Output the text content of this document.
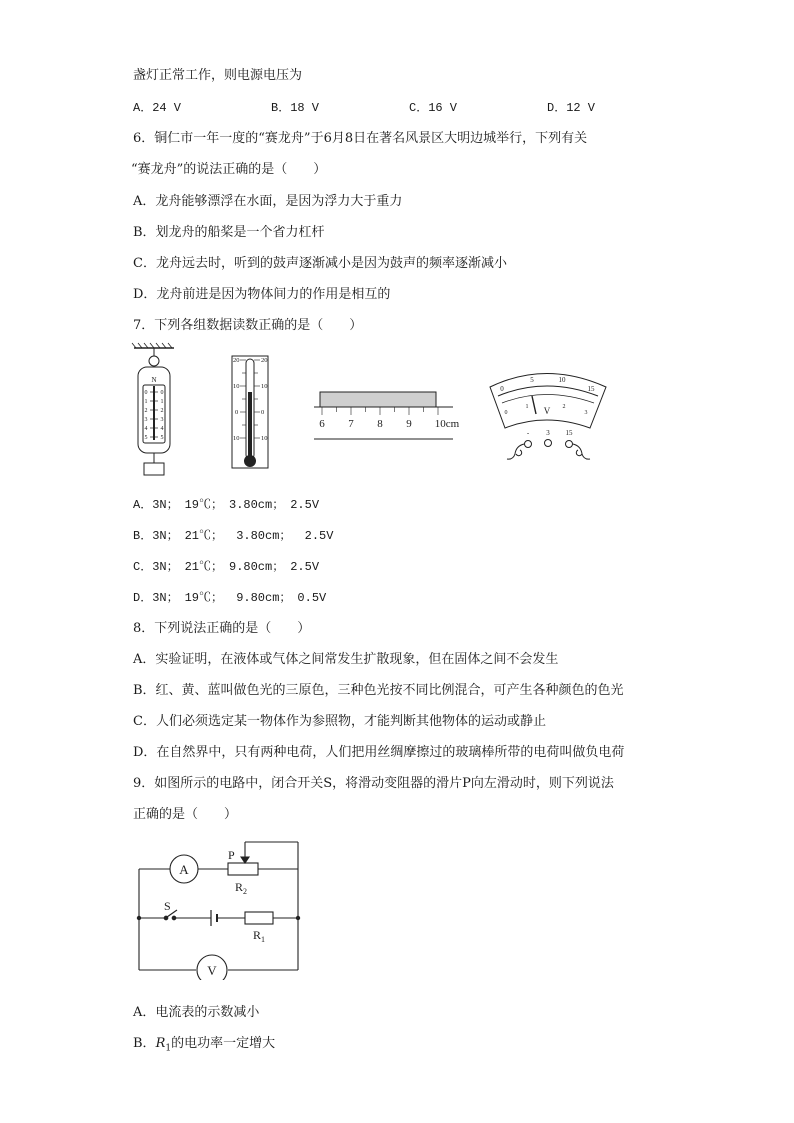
盏灯正常工作，则电源电压为
A．24 V	B．18 V	C．16 V	D．12 V
6．铜仁市一年一度的“赛龙舟”于6月8日在著名风景区大明边城举行，下列有关
“赛龙舟”的说法正确的是（　　）
A．龙舟能够漂浮在水面，是因为浮力大于重力
B．划龙舟的船桨是一个省力杠杆
C．龙舟远去时，听到的鼓声逐渐减小是因为鼓声的频率逐渐减小
D．龙舟前进是因为物体间力的作用是相互的
7．下列各组数据读数正确的是（　　）
N
0 0
1 1
2 2
3 3
4 4
5 5
20	20
10	10
0	0
10	10
6 7 8 9 10cm
0
5	10
15
0
1	2
3
V
- 3 15
A．3N；　19℃；　3.80cm；　2.5V
B．3N；　21℃；　 3.80cm；　 2.5V
C．3N；　21℃；　9.80cm；　2.5V
D．3N；　19℃；　 9.80cm；　0.5V
8．下列说法正确的是（　　）
A．实验证明，在液体或气体之间常发生扩散现象，但在固体之间不会发生
B．红、黄、蓝叫做色光的三原色，三种色光按不同比例混合，可产生各种颜色的色光
C．人们必须选定某一物体作为参照物，才能判断其他物体的运动或静止
D．在自然界中，只有两种电荷，人们把用丝绸摩擦过的玻璃棒所带的电荷叫做负电荷
9．如图所示的电路中，闭合开关S，将滑动变阻器的滑片P向左滑动时，则下列说法
正确的是（　　）
A
P
$R_2$
S
$R_1$
V
A．电流表的示数减小
B．$R_1$的电功率一定增大
